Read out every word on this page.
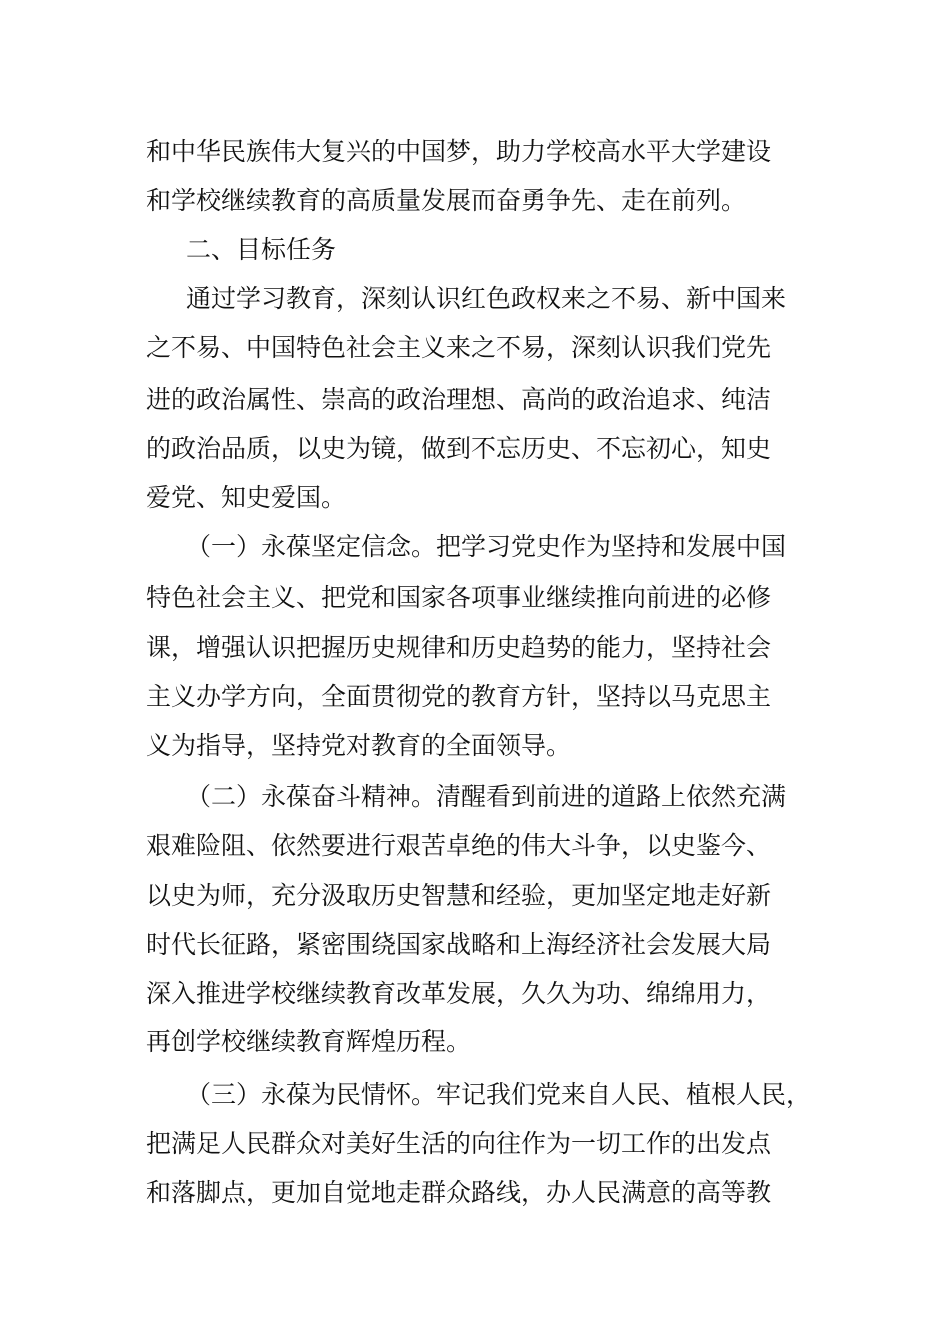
和中华民族伟大复兴的中国梦，助力学校高水平大学建设
和学校继续教育的高质量发展而奋勇争先、走在前列。
二、目标任务
通过学习教育，深刻认识红色政权来之不易、新中国来
之不易、中国特色社会主义来之不易，深刻认识我们党先
进的政治属性、崇高的政治理想、高尚的政治追求、纯洁
的政治品质，以史为镜，做到不忘历史、不忘初心，知史
爱党、知史爱国。
（一）永葆坚定信念。把学习党史作为坚持和发展中国
特色社会主义、把党和国家各项事业继续推向前进的必修
课，增强认识把握历史规律和历史趋势的能力，坚持社会
主义办学方向，全面贯彻党的教育方针，坚持以马克思主
义为指导，坚持党对教育的全面领导。
（二）永葆奋斗精神。清醒看到前进的道路上依然充满
艰难险阻、依然要进行艰苦卓绝的伟大斗争，以史鉴今、
以史为师，充分汲取历史智慧和经验，更加坚定地走好新
时代长征路，紧密围绕国家战略和上海经济社会发展大局
深入推进学校继续教育改革发展，久久为功、绵绵用力，
再创学校继续教育辉煌历程。
（三）永葆为民情怀。牢记我们党来自人民、植根人民，
把满足人民群众对美好生活的向往作为一切工作的出发点
和落脚点，更加自觉地走群众路线，办人民满意的高等教
